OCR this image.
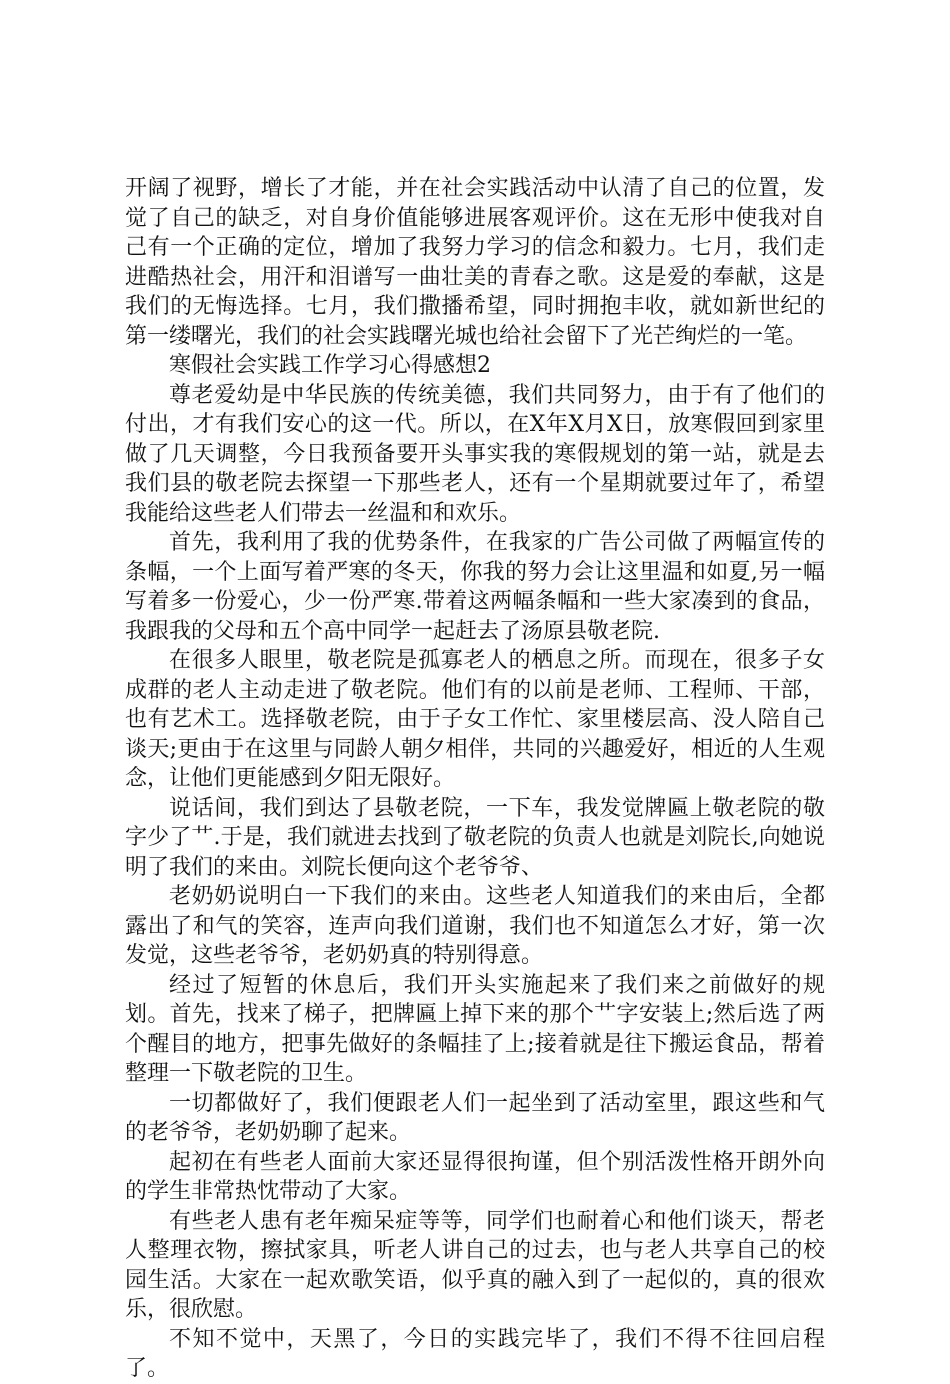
开阔了视野，增长了才能，并在社会实践活动中认清了自己的位置，发觉了自己的缺乏，对自身价值能够进展客观评价。这在无形中使我对自己有一个正确的定位，增加了我努力学习的信念和毅力。七月，我们走进酷热社会，用汗和泪谱写一曲壮美的青春之歌。这是爱的奉献，这是我们的无悔选择。七月，我们撒播希望，同时拥抱丰收，就如新世纪的第一缕曙光，我们的社会实践曙光城也给社会留下了光芒绚烂的一笔。

寒假社会实践工作学习心得感想2

尊老爱幼是中华民族的传统美德，我们共同努力，由于有了他们的付出，才有我们安心的这一代。所以，在X年X月X日，放寒假回到家里做了几天调整，今日我预备要开头事实我的寒假规划的第一站，就是去我们县的敬老院去探望一下那些老人，还有一个星期就要过年了，希望我能给这些老人们带去一丝温和和欢乐。

首先，我利用了我的优势条件，在我家的广告公司做了两幅宣传的条幅，一个上面写着严寒的冬天，你我的努力会让这里温和如夏,另一幅写着多一份爱心，少一份严寒.带着这两幅条幅和一些大家凑到的食品，我跟我的父母和五个高中同学一起赶去了汤原县敬老院.

在很多人眼里，敬老院是孤寡老人的栖息之所。而现在，很多子女成群的老人主动走进了敬老院。他们有的以前是老师、工程师、干部，也有艺术工。选择敬老院，由于子女工作忙、家里楼层高、没人陪自己谈天;更由于在这里与同龄人朝夕相伴，共同的兴趣爱好，相近的人生观念，让他们更能感到夕阳无限好。

说话间，我们到达了县敬老院，一下车，我发觉牌匾上敬老院的敬字少了艹.于是，我们就进去找到了敬老院的负责人也就是刘院长,向她说明了我们的来由。刘院长便向这个老爷爷、

老奶奶说明白一下我们的来由。这些老人知道我们的来由后，全都露出了和气的笑容，连声向我们道谢，我们也不知道怎么才好，第一次发觉，这些老爷爷，老奶奶真的特别得意。

经过了短暂的休息后，我们开头实施起来了我们来之前做好的规划。首先，找来了梯子，把牌匾上掉下来的那个艹字安装上;然后选了两个醒目的地方，把事先做好的条幅挂了上;接着就是往下搬运食品，帮着整理一下敬老院的卫生。

一切都做好了，我们便跟老人们一起坐到了活动室里，跟这些和气的老爷爷，老奶奶聊了起来。

起初在有些老人面前大家还显得很拘谨，但个别活泼性格开朗外向的学生非常热忱带动了大家。

有些老人患有老年痴呆症等等，同学们也耐着心和他们谈天，帮老人整理衣物，擦拭家具，听老人讲自己的过去，也与老人共享自己的校园生活。大家在一起欢歌笑语，似乎真的融入到了一起似的，真的很欢乐，很欣慰。

不知不觉中，天黑了，今日的实践完毕了，我们不得不往回启程了。
